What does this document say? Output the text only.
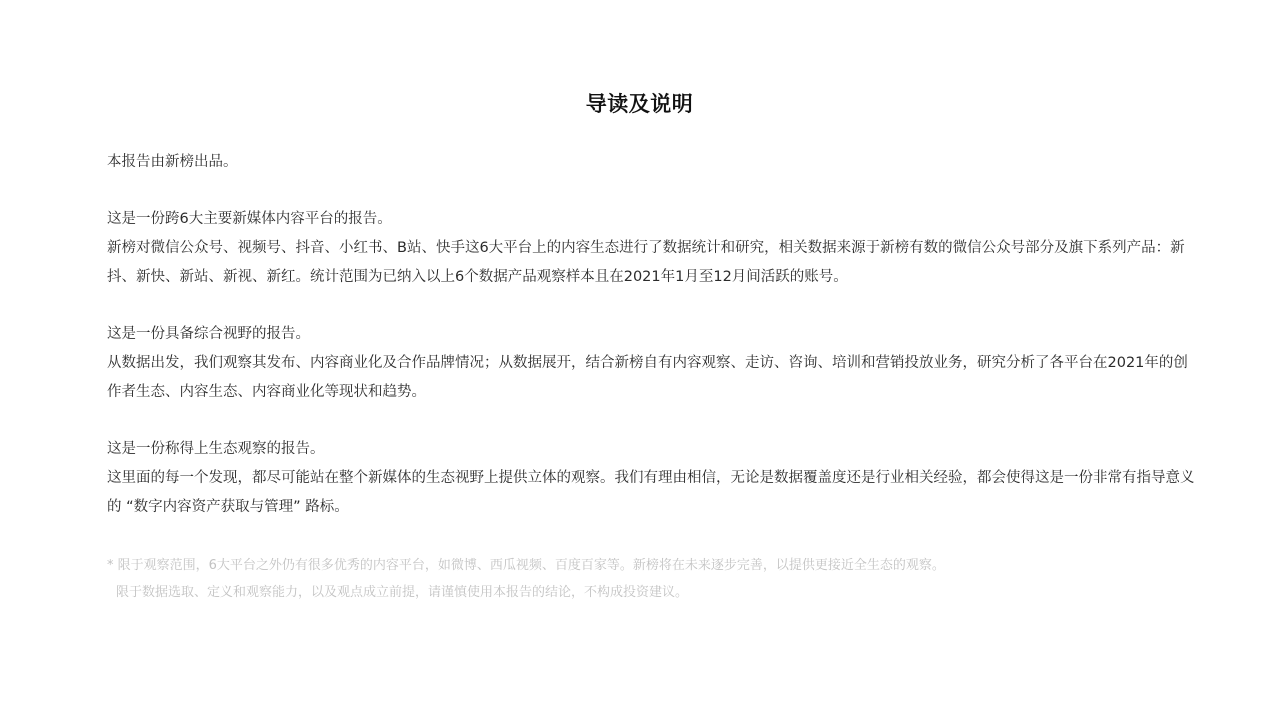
导读及说明

本报告由新榜出品。

这是一份跨6大主要新媒体内容平台的报告。
新榜对微信公众号、视频号、抖音、小红书、B站、快手这6大平台上的内容生态进行了数据统计和研究，相关数据来源于新榜有数的微信公众号部分及旗下系列产品：新抖、新快、新站、新视、新红。统计范围为已纳入以上6个数据产品观察样本且在2021年1月至12月间活跃的账号。
这是一份具备综合视野的报告。
从数据出发，我们观察其发布、内容商业化及合作品牌情况；从数据展开，结合新榜自有内容观察、走访、咨询、培训和营销投放业务，研究分析了各平台在2021年的创作者生态、内容生态、内容商业化等现状和趋势。
这是一份称得上生态观察的报告。
这里面的每一个发现，都尽可能站在整个新媒体的生态视野上提供立体的观察。我们有理由相信，无论是数据覆盖度还是行业相关经验，都会使得这是一份非常有指导意义的 “数字内容资产获取与管理” 路标。
* 限于观察范围，6大平台之外仍有很多优秀的内容平台，如微博、西瓜视频、百度百家等。新榜将在未来逐步完善，以提供更接近全生态的观察。
限于数据选取、定义和观察能力，以及观点成立前提，请谨慎使用本报告的结论，不构成投资建议。
